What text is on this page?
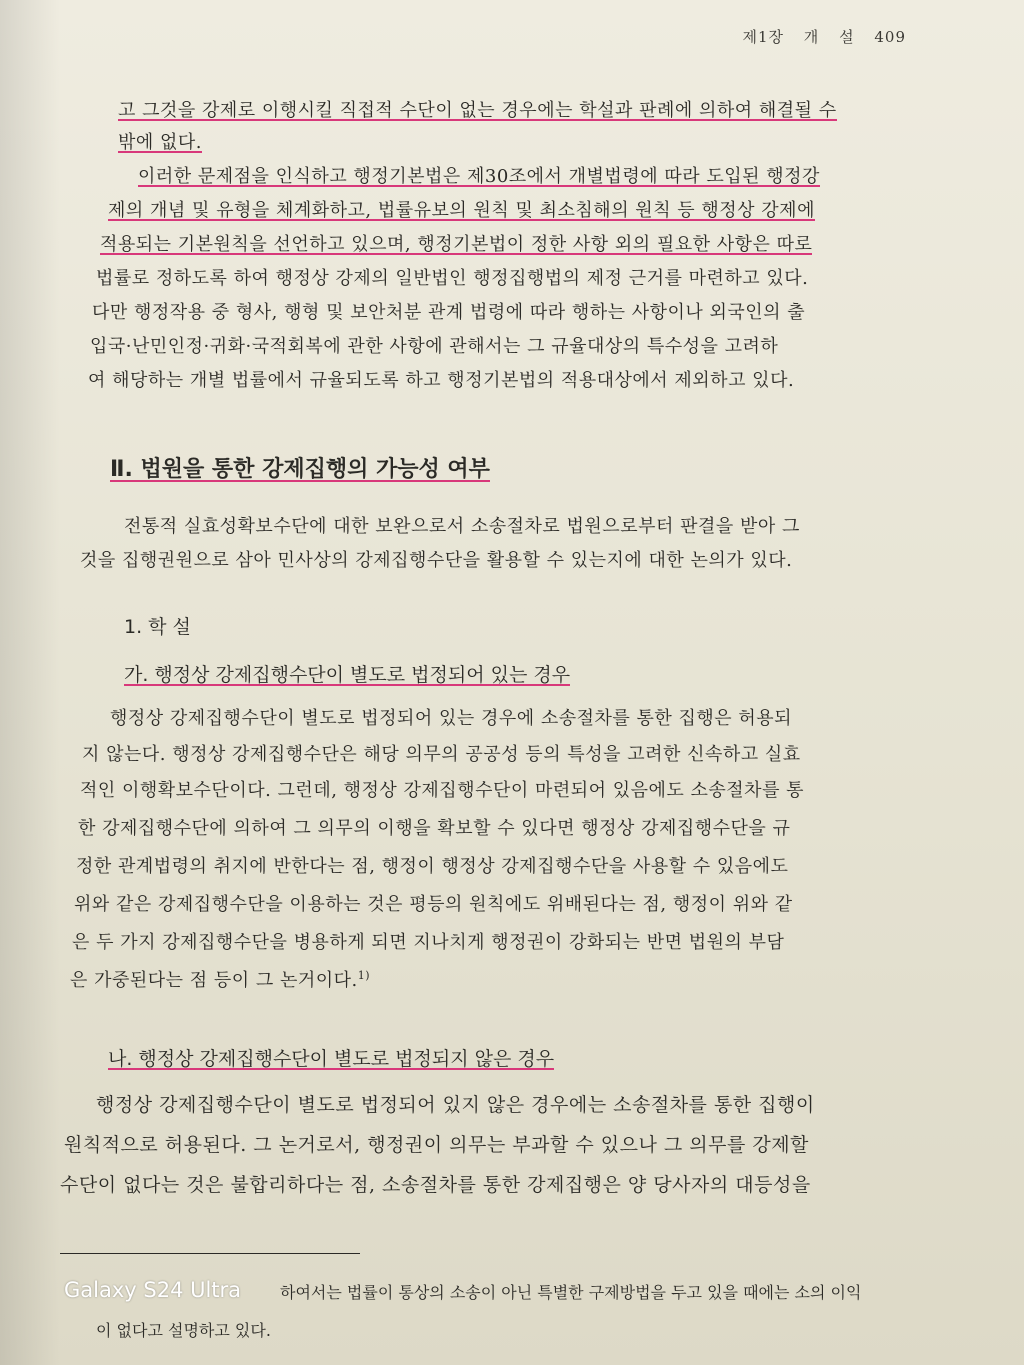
제1장 개 설 409
고 그것을 강제로 이행시킬 직접적 수단이 없는 경우에는 학설과 판례에 의하여 해결될 수
밖에 없다.
이러한 문제점을 인식하고 행정기본법은 제30조에서 개별법령에 따라 도입된 행정강
제의 개념 및 유형을 체계화하고, 법률유보의 원칙 및 최소침해의 원칙 등 행정상 강제에
적용되는 기본원칙을 선언하고 있으며, 행정기본법이 정한 사항 외의 필요한 사항은 따로
법률로 정하도록 하여 행정상 강제의 일반법인 행정집행법의 제정 근거를 마련하고 있다.
다만 행정작용 중 형사, 행형 및 보안처분 관계 법령에 따라 행하는 사항이나 외국인의 출
입국·난민인정·귀화·국적회복에 관한 사항에 관해서는 그 규율대상의 특수성을 고려하
여 해당하는 개별 법률에서 규율되도록 하고 행정기본법의 적용대상에서 제외하고 있다.
Ⅱ. 법원을 통한 강제집행의 가능성 여부
전통적 실효성확보수단에 대한 보완으로서 소송절차로 법원으로부터 판결을 받아 그
것을 집행권원으로 삼아 민사상의 강제집행수단을 활용할 수 있는지에 대한 논의가 있다.
1. 학 설
가. 행정상 강제집행수단이 별도로 법정되어 있는 경우
행정상 강제집행수단이 별도로 법정되어 있는 경우에 소송절차를 통한 집행은 허용되
지 않는다. 행정상 강제집행수단은 해당 의무의 공공성 등의 특성을 고려한 신속하고 실효
적인 이행확보수단이다. 그런데, 행정상 강제집행수단이 마련되어 있음에도 소송절차를 통
한 강제집행수단에 의하여 그 의무의 이행을 확보할 수 있다면 행정상 강제집행수단을 규
정한 관계법령의 취지에 반한다는 점, 행정이 행정상 강제집행수단을 사용할 수 있음에도
위와 같은 강제집행수단을 이용하는 것은 평등의 원칙에도 위배된다는 점, 행정이 위와 같
은 두 가지 강제집행수단을 병용하게 되면 지나치게 행정권이 강화되는 반면 법원의 부담
은 가중된다는 점 등이 그 논거이다.$^{1)}$
나. 행정상 강제집행수단이 별도로 법정되지 않은 경우
행정상 강제집행수단이 별도로 법정되어 있지 않은 경우에는 소송절차를 통한 집행이
원칙적으로 허용된다. 그 논거로서, 행정권이 의무는 부과할 수 있으나 그 의무를 강제할
수단이 없다는 것은 불합리하다는 점, 소송절차를 통한 강제집행은 양 당사자의 대등성을
하여서는 법률이 통상의 소송이 아닌 특별한 구제방법을 두고 있을 때에는 소의 이익
이 없다고 설명하고 있다.
Galaxy S24 Ultra
